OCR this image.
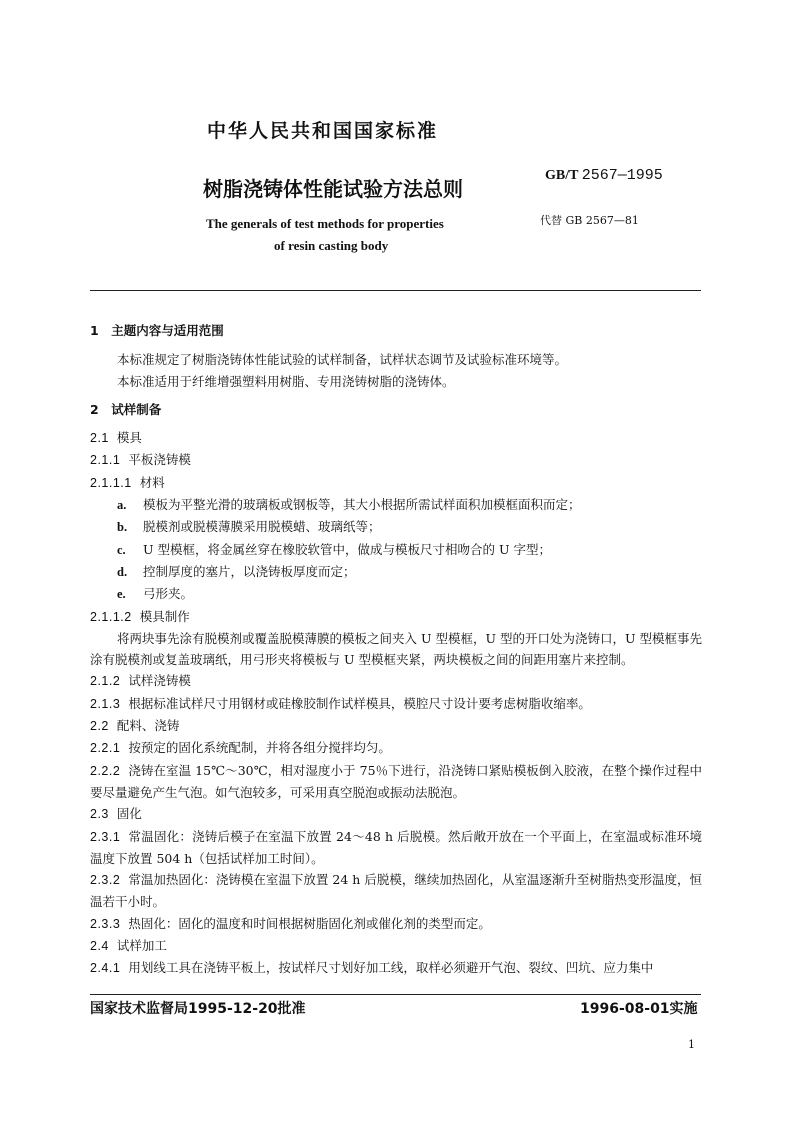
中华人民共和国国家标准
树脂浇铸体性能试验方法总则
GB/T 2567—1995
代替 GB 2567—81
The generals of test methods for properties
of resin casting body
1　主题内容与适用范围
本标准规定了树脂浇铸体性能试验的试样制备，试样状态调节及试验标准环境等。
本标准适用于纤维增强塑料用树脂、专用浇铸树脂的浇铸体。
2　试样制备
2.1 模具
2.1.1 平板浇铸模
2.1.1.1 材料
a. 模板为平整光滑的玻璃板或钢板等，其大小根据所需试样面积加模框面积而定；
b. 脱模剂或脱模薄膜采用脱模蜡、玻璃纸等；
c. U 型模框，将金属丝穿在橡胶软管中，做成与模板尺寸相吻合的 U 字型；
d. 控制厚度的塞片，以浇铸板厚度而定；
e. 弓形夹。
2.1.1.2 模具制作
将两块事先涂有脱模剂或覆盖脱模薄膜的模板之间夹入 U 型模框，U 型的开口处为浇铸口，U 型模框事先涂有脱模剂或复盖玻璃纸，用弓形夹将模板与 U 型模框夹紧，两块模板之间的间距用塞片来控制。
2.1.2 试样浇铸模
2.1.3 根据标准试样尺寸用钢材或硅橡胶制作试样模具，模腔尺寸设计要考虑树脂收缩率。
2.2 配料、浇铸
2.2.1 按预定的固化系统配制，并将各组分搅拌均匀。
2.2.2 浇铸在室温 15℃～30℃，相对湿度小于 75％下进行，沿浇铸口紧贴模板倒入胶液，在整个操作过程中要尽量避免产生气泡。如气泡较多，可采用真空脱泡或振动法脱泡。
2.3 固化
2.3.1 常温固化：浇铸后模子在室温下放置 24～48 h 后脱模。然后敞开放在一个平面上，在室温或标准环境温度下放置 504 h（包括试样加工时间）。
2.3.2 常温加热固化：浇铸模在室温下放置 24 h 后脱模，继续加热固化，从室温逐渐升至树脂热变形温度，恒温若干小时。
2.3.3 热固化：固化的温度和时间根据树脂固化剂或催化剂的类型而定。
2.4 试样加工
2.4.1 用划线工具在浇铸平板上，按试样尺寸划好加工线，取样必须避开气泡、裂纹、凹坑、应力集中
国家技术监督局1995-12-20批准	1996-08-01实施
1
